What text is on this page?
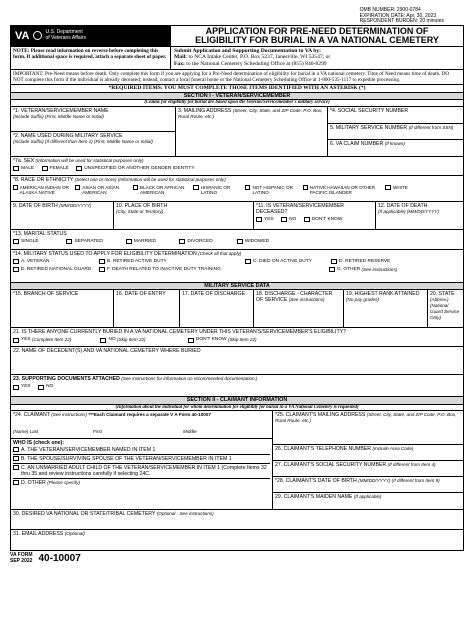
OMB NUMBER: 2900-0784
EXPIRATION DATE: Apr. 30, 2023
RESPONDENT BURDEN: 20 minutes
VA	U.S. Department
of Veterans Affairs
APPLICATION FOR PRE-NEED DETERMINATION OF
ELIGIBILITY FOR BURIAL IN A VA NATIONAL CEMETERY
NOTE: Please read information on reverse before completing this form. If additional space is required, attach a separate sheet of paper.
Submit Application and Supporting Documentation to VA by:
Mail: to NCA Intake Center, P.O. Box 5237, Janesville, WI 53547; or
Fax: to the National Cemetery Scheduling Office at (855) 840-8299
IMPORTANT: Pre-Need means before death. Only complete this form if you are applying for a Pre-Need determination of eligibility for burial in a VA national cemetery. Time of Need means time of death. DO NOT complete this form if the individual is already deceased; instead, contact a local funeral home or the National Cemetery Scheduling Office at 1-800-535-1117 to expedite processing.
*REQUIRED ITEMS: YOU MUST COMPLETE THOSE ITEMS IDENTIFIED WITH AN ASTERISK (*)
SECTION I - VETERAN/SERVICEMEMBER
(Claims for eligibility for burial are based upon the Veteran/Servicemember's military service)
*1. VETERAN/SERVICEMEMBER NAME
(Include Suffix) (First, Middle Name or Initial)
*2. NAME USED DURING MILITARY SERVICE
(Include Suffix) (If different than Item 1) (First, Middle Name or Initial)
3. MAILING ADDRESS (Street, City, State, and ZIP Code. P.O. Box, Rural Route, etc.)
*4. SOCIAL SECURITY NUMBER
5. MILITARY SERVICE NUMBER (If different from SSN)
6. VA CLAIM NUMBER (If known)
*7a. SEX (Information will be used for statistical purposes only)
MALE
	FEMALE
	UNSPECIFIED OR ANOTHER GENDER IDENTITY
*8. RACE OR ETHNICITY (Select one or more) (Information will be used for statistical purposes only)
AMERICAN INDIAN OR ALASKA NATIVE
ASIAN OR ASIAN AMERICAN
BLACK OR AFRICAN AMERICAN
HISPANIC OR LATINO
NOT HISPANIC OR LATINO
NATIVE HAWAIIAN OR OTHER PACIFIC ISLANDER
WHITE
9. DATE OF BIRTH (MM/DD/YYYY)	10. PLACE OF BIRTH
(City, State or Territory)
*11. IS VETERAN/SERVICEMEMBER DECEASED?
YES
	NO
	DON'T KNOW
12. DATE OF DEATH
(If applicable) (MM/DD/YYYY)
*13. MARITAL STATUS
SINGLE
	SEPARATED
	MARRIED
	DIVORCED
	WIDOWED
*14. MILITARY STATUS USED TO APPLY FOR ELIGIBILITY DETERMINATION (Check all that apply)
A. VETERAN	B. RETIRED ACTIVE DUTY	C. DIED ON ACTIVE DUTY	D. RETIRED RESERVE
E. RETIRED NATIONAL GUARD	F. DEATH RELATED TO INACTIVE DUTY TRAINING	G. OTHER
(See instructions)
MILITARY SERVICE DATA
*15. BRANCH OF SERVICE	16. DATE OF ENTRY	17. DATE OF DISCHARGE	18. DISCHARGE - CHARACTER OF SERVICE (See instructions)
19. HIGHEST RANK ATTAINED
(No pay grades)
20. STATE (Abbrev.) (National Guard Service Only)
21. IS THERE ANYONE CURRENTLY BURIED IN A VA NATIONAL CEMETERY UNDER THIS VETERAN'S/SERVICEMEMBER'S ELIGIBILITY?
YES
(Complete Item 22)
	NO
(Skip Item 22)
	DON'T KNOW
(Skip Item 22)
22. NAME OF DECEDENT(S) AND VA NATIONAL CEMETERY WHERE BURIED
23. SUPPORTING DOCUMENTS ATTACHED (See instructions for information on recommended documentation.)
YES
	NO
SECTION II - CLAIMANT INFORMATION
(Information about the individual for whom determination for eligibility for burial in a VA National Cemetery is requested)
*24. CLAIMANT (See instructions) ***Each Claimant requires a separate V A Form 40-10007
(Name) Last	First	Middle
WHO IS (check one):
A. THE VETERAN/SERVICEMEMBER NAMED IN ITEM 1
B. THE SPOUSE/SURVIVING SPOUSE OF THE VETERAN/SERVICEMEMBER IN ITEM 1
C. AN UNMARRIED ADULT CHILD OF THE VETERAN/SERVICEMEMBER IN ITEM 1 (Complete Items 32 thru 35 and review instructions carefully if selecting 24C.
D. OTHER (Please specify)
*25. CLAIMANT'S MAILING ADDRESS (Street, City, State, and ZIP Code, P.O. Box, Rural Route, etc.)
26. CLAIMANT'S TELEPHONE NUMBER (Include Area Code)
27. CLAIMANT'S SOCIAL SECURITY NUMBER (If different from Item 4)
*28. CLAIMANT'S DATE OF BIRTH (MM/DD/YYYY) (If different from Item 9)
29. CLAIMANT'S MAIDEN NAME (If applicable)
30. DESIRED VA NATIONAL OR STATE/TRIBAL CEMETERY (Optional - See instructions)
31. EMAIL ADDRESS (Optional)
VA FORM
SEP 2022 40-10007
